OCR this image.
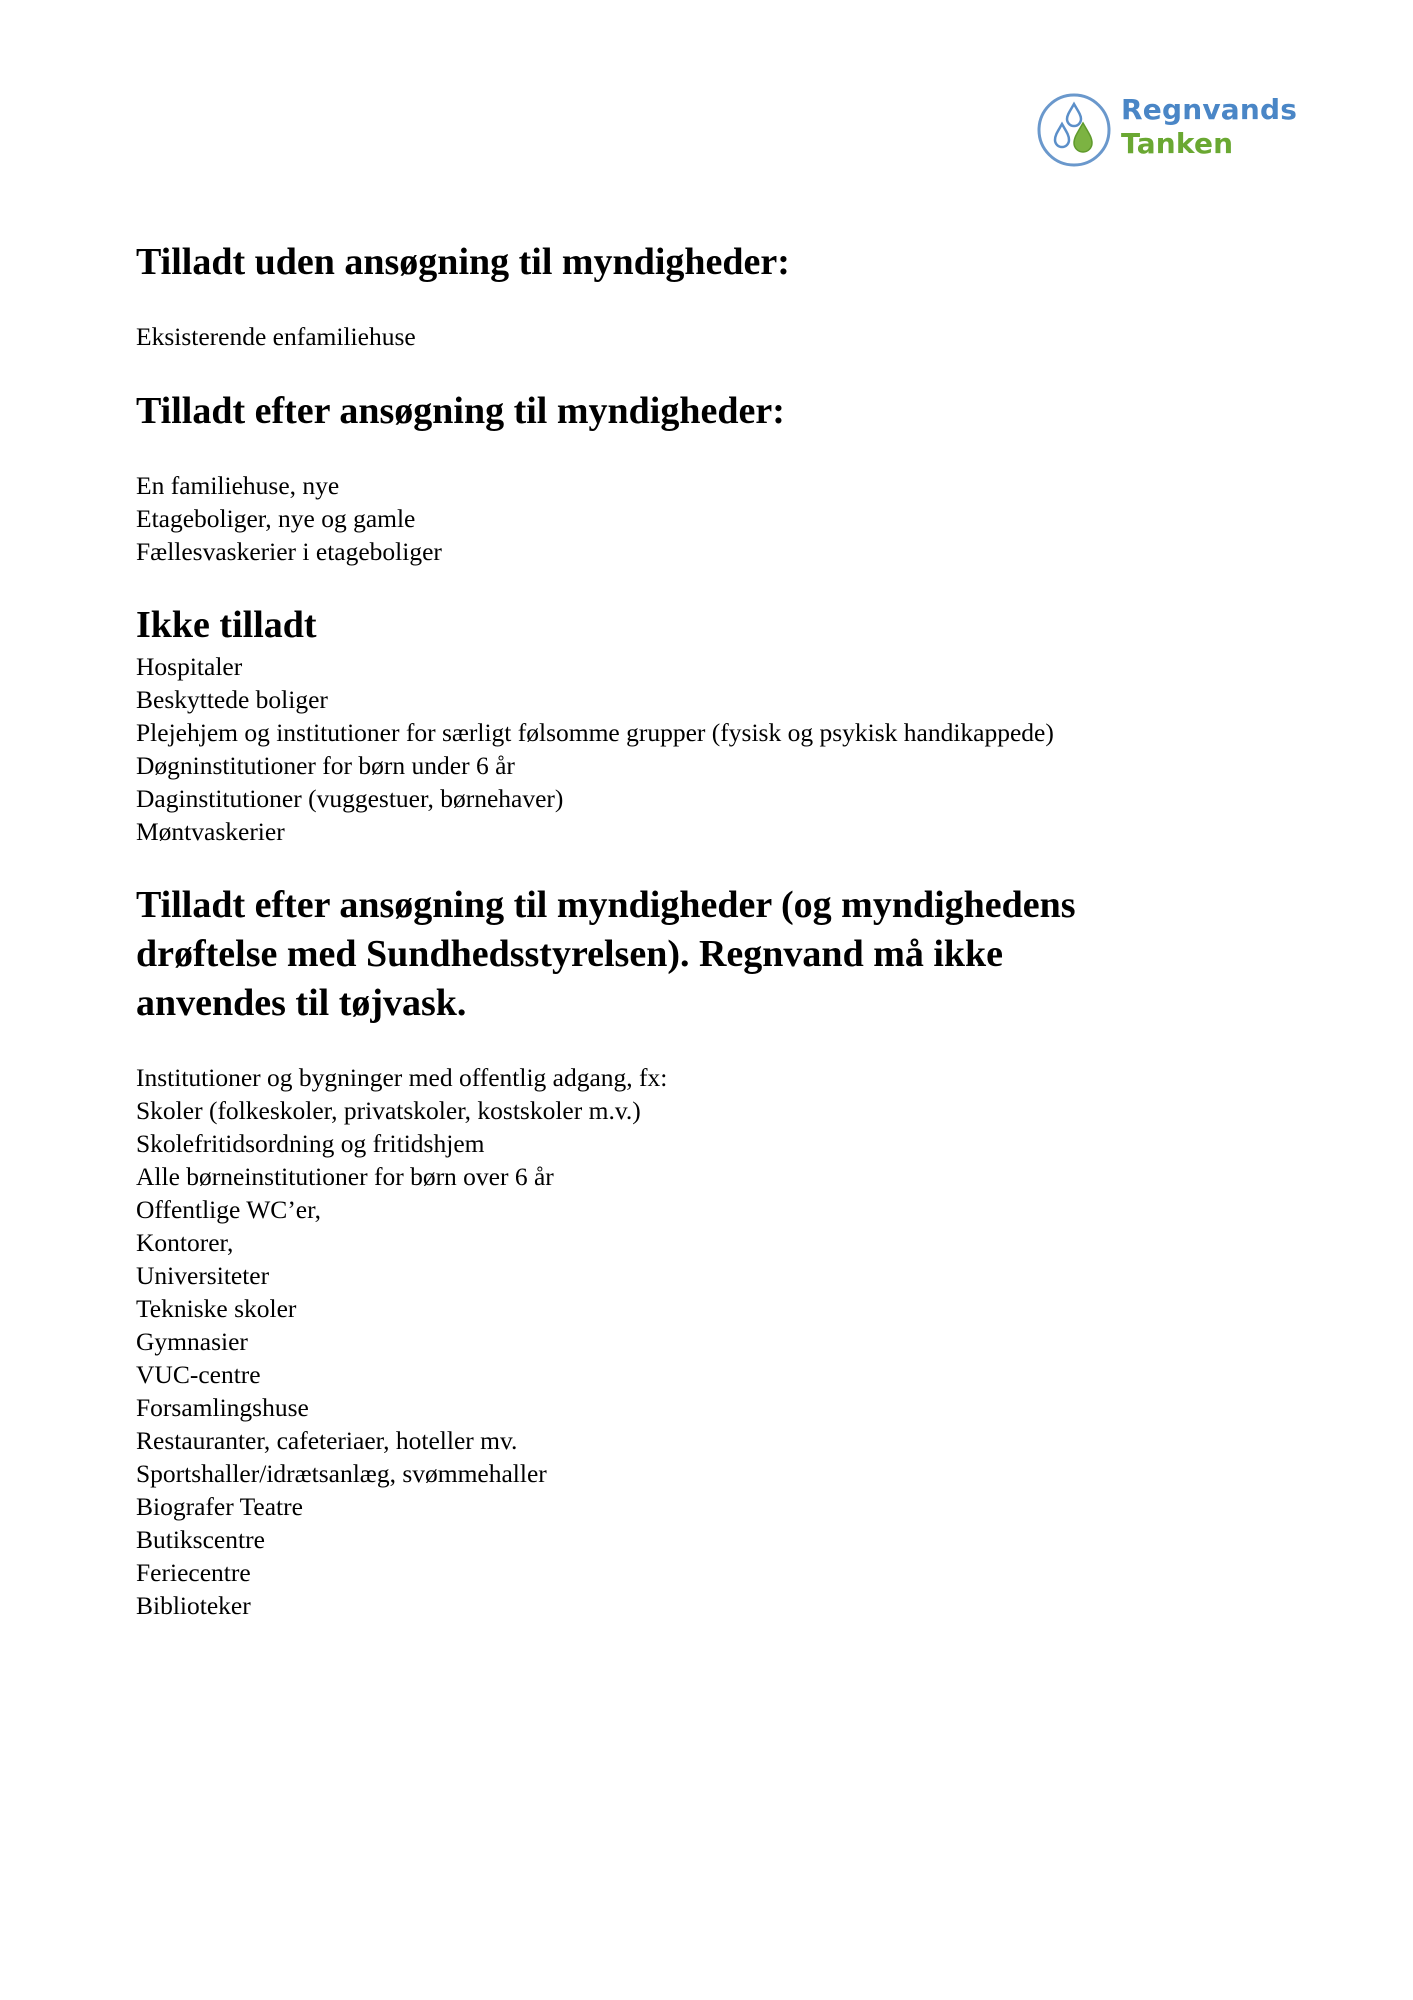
Regnvands
Tanken
Tilladt uden ansøgning til myndigheder:
Eksisterende enfamiliehuse
Tilladt efter ansøgning til myndigheder:
En familiehuse, nye
Etageboliger, nye og gamle
Fællesvaskerier i etageboliger
Ikke tilladt
Hospitaler
Beskyttede boliger
Plejehjem og institutioner for særligt følsomme grupper (fysisk og psykisk handikappede)
Døgninstitutioner for børn under 6 år
Daginstitutioner (vuggestuer, børnehaver)
Møntvaskerier
Tilladt efter ansøgning til myndigheder (og myndighedens
drøftelse med Sundhedsstyrelsen). Regnvand må ikke
anvendes til tøjvask.
Institutioner og bygninger med offentlig adgang, fx:
Skoler (folkeskoler, privatskoler, kostskoler m.v.)
Skolefritidsordning og fritidshjem
Alle børneinstitutioner for børn over 6 år
Offentlige WC’er,
Kontorer,
Universiteter
Tekniske skoler
Gymnasier
VUC-centre
Forsamlingshuse
Restauranter, cafeteriaer, hoteller mv.
Sportshaller/idrætsanlæg, svømmehaller
Biografer Teatre
Butikscentre
Feriecentre
Biblioteker
